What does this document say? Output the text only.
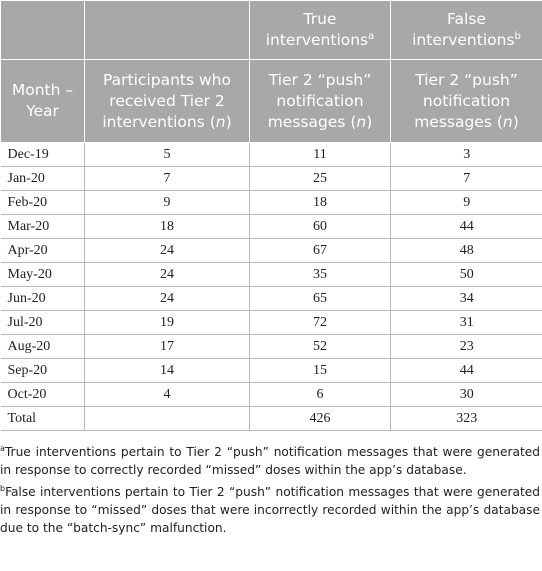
		True interventions$^a$	False interventions$^b$
Month – Year	Participants who received Tier 2 interventions (n)	Tier 2 “push” notification messages (n)	Tier 2 “push” notification messages (n)
Dec-19	5	11	3
Jan-20	7	25	7
Feb-20	9	18	9
Mar-20	18	60	44
Apr-20	24	67	48
May-20	24	35	50
Jun-20	24	65	34
Jul-20	19	72	31
Aug-20	17	52	23
Sep-20	14	15	44
Oct-20	4	6	30
Total		426	323

$^a$True interventions pertain to Tier 2 “push” notification messages that were generated in response to correctly recorded “missed” doses within the app’s database.

$^b$False interventions pertain to Tier 2 “push” notification messages that were generated in response to “missed” doses that were incorrectly recorded within the app’s database due to the “batch-sync” malfunction.
